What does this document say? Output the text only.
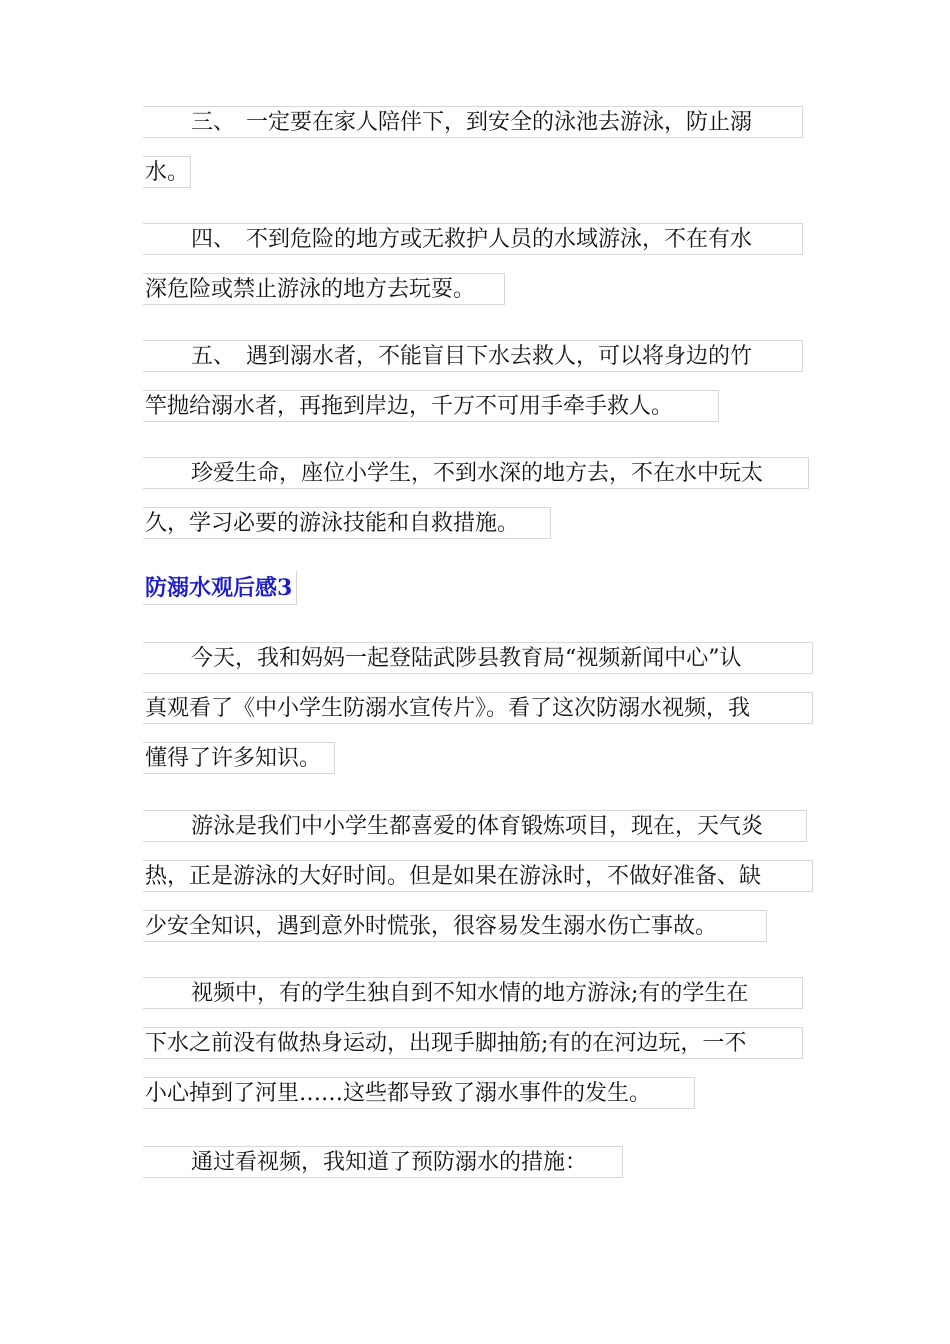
三、　一定要在家人陪伴下，到安全的泳池去游泳，防止溺
水。
四、　不到危险的地方或无救护人员的水域游泳，不在有水
深危险或禁止游泳的地方去玩耍。
五、　遇到溺水者，不能盲目下水去救人，可以将身边的竹
竿抛给溺水者，再拖到岸边，千万不可用手牵手救人。
珍爱生命，座位小学生，不到水深的地方去，不在水中玩太
久，学习必要的游泳技能和自救措施。
防溺水观后感3
今天，我和妈妈一起登陆武陟县教育局“视频新闻中心”认
真观看了《中小学生防溺水宣传片》。看了这次防溺水视频，我
懂得了许多知识。
游泳是我们中小学生都喜爱的体育锻炼项目，现在，天气炎
热，正是游泳的大好时间。但是如果在游泳时，不做好准备、缺
少安全知识，遇到意外时慌张，很容易发生溺水伤亡事故。
视频中，有的学生独自到不知水情的地方游泳;有的学生在
下水之前没有做热身运动，出现手脚抽筋;有的在河边玩，一不
小心掉到了河里……这些都导致了溺水事件的发生。
通过看视频，我知道了预防溺水的措施：
